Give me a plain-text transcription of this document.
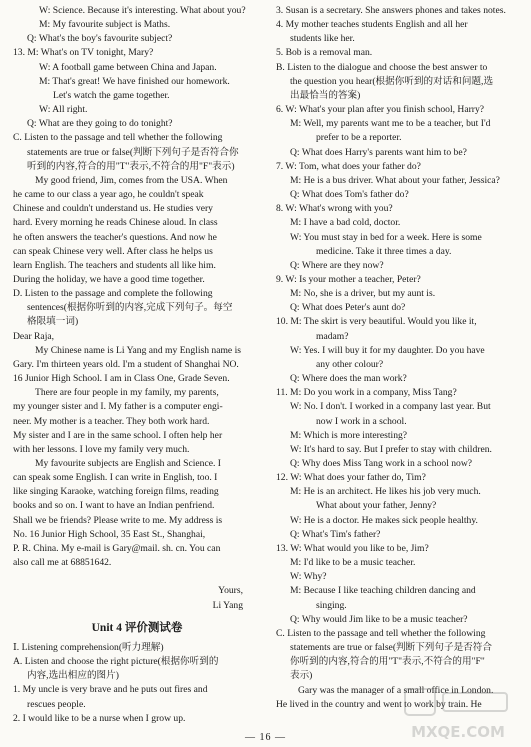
W: Science. Because it's interesting. What about you?
M: My favourite subject is Maths.
Q: What's the boy's favourite subject?
13. M: What's on TV tonight, Mary?
W: A football game between China and Japan.
M: That's great! We have finished our homework.
Let's watch the game together.
W: All right.
Q: What are they going to do tonight?
C. Listen to the passage and tell whether the following
statements are true or false(判断下列句子是否符合你
听到的内容,符合的用"T"表示,不符合的用"F"表示)
My good friend, Jim, comes from the USA. When
he came to our class a year ago, he couldn't speak
Chinese and couldn't understand us. He studies very
hard. Every morning he reads Chinese aloud. In class
he often answers the teacher's questions. And now he
can speak Chinese very well. After class he helps us
learn English. The teachers and students all like him.
During the holiday, we have a good time together.
D. Listen to the passage and complete the following
sentences(根据你听到的内容,完成下列句子。每空
格限填一词)
Dear Raja,
My Chinese name is Li Yang and my English name is
Gary. I'm thirteen years old. I'm a student of Shanghai NO.
16 Junior High School. I am in Class One, Grade Seven.
There are four people in my family, my parents,
my younger sister and I. My father is a computer engi-
neer. My mother is a teacher. They both work hard.
My sister and I are in the same school. I often help her
with her lessons. I love my family very much.
My favourite subjects are English and Science. I
can speak some English. I can write in English, too. I
like singing Karaoke, watching foreign films, reading
books and so on. I want to have an Indian penfriend.
Shall we be friends? Please write to me. My address is
No. 16 Junior High School, 35 East St., Shanghai,
P. R. China. My e-mail is Gary@mail. sh. cn. You can
also call me at 68851642.

Yours,
Li Yang
Unit 4 评价测试卷
Ⅰ. Listening comprehension(听力理解)
A. Listen and choose the right picture(根据你听到的
内容,选出相应的图片)
1. My uncle is very brave and he puts out fires and
rescues people.
2. I would like to be a nurse when I grow up.
3. Susan is a secretary. She answers phones and takes notes.
4. My mother teaches students English and all her
students like her.
5. Bob is a removal man.
B. Listen to the dialogue and choose the best answer to
the question you hear(根据你听到的对话和问题,选
出最恰当的答案)
6. W: What's your plan after you finish school, Harry?
M: Well, my parents want me to be a teacher, but I'd
prefer to be a reporter.
Q: What does Harry's parents want him to be?
7. W: Tom, what does your father do?
M: He is a bus driver. What about your father, Jessica?
Q: What does Tom's father do?
8. W: What's wrong with you?
M: I have a bad cold, doctor.
W: You must stay in bed for a week. Here is some
medicine. Take it three times a day.
Q: Where are they now?
9. W: Is your mother a teacher, Peter?
M: No, she is a driver, but my aunt is.
Q: What does Peter's aunt do?
10. M: The skirt is very beautiful. Would you like it,
madam?
W: Yes. I will buy it for my daughter. Do you have
any other colour?
Q: Where does the man work?
11. M: Do you work in a company, Miss Tang?
W: No. I don't. I worked in a company last year. But
now I work in a school.
M: Which is more interesting?
W: It's hard to say. But I prefer to stay with children.
Q: Why does Miss Tang work in a school now?
12. W: What does your father do, Tim?
M: He is an architect. He likes his job very much.
What about your father, Jenny?
W: He is a doctor. He makes sick people healthy.
Q: What's Tim's father?
13. W: What would you like to be, Jim?
M: I'd like to be a music teacher.
W: Why?
M: Because I like teaching children dancing and
singing.
Q: Why would Jim like to be a music teacher?
C. Listen to the passage and tell whether the following
statements are true or false(判断下列句子是否符合
你听到的内容,符合的用"T"表示,不符合的用"F"
表示)
Gary was the manager of a small office in London.
He lived in the country and went to work by train. He
— 16 —	MXQE.COM
